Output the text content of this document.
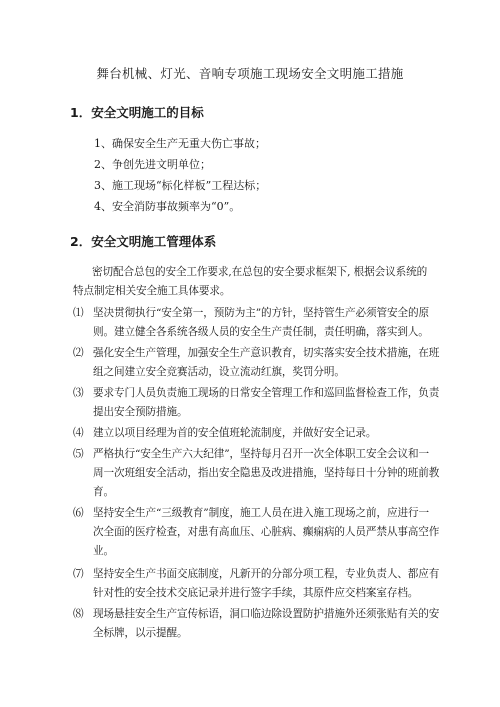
舞台机械、灯光、音响专项施工现场安全文明施工措施
1．安全文明施工的目标
1、确保安全生产无重大伤亡事故；
2、争创先进文明单位；
3、施工现场“标化样板”工程达标；
4、安全消防事故频率为“0”。
2．安全文明施工管理体系
密切配合总包的安全工作要求,在总包的安全要求框架下, 根据会议系统的
特点制定相关安全施工具体要求。
⑴ 坚决贯彻执行“安全第一，预防为主”的方针，坚持管生产必须管安全的原
则。建立健全各系统各级人员的安全生产责任制，责任明确，落实到人。
⑵ 强化安全生产管理，加强安全生产意识教育，切实落实安全技术措施，在班
组之间建立安全竞赛活动，设立流动红旗，奖罚分明。
⑶ 要求专门人员负责施工现场的日常安全管理工作和巡回监督检查工作，负责
提出安全预防措施。
⑷ 建立以项目经理为首的安全值班轮流制度，并做好安全记录。
⑸ 严格执行“安全生产六大纪律”，坚持每月召开一次全体职工安全会议和一
周一次班组安全活动，指出安全隐患及改进措施，坚持每日十分钟的班前教
育。
⑹ 坚持安全生产“三级教育”制度，施工人员在进入施工现场之前，应进行一
次全面的医疗检查，对患有高血压、心脏病、癫痫病的人员严禁从事高空作
业。
⑺ 坚持安全生产书面交底制度，凡新开的分部分项工程，专业负责人、都应有
针对性的安全技术交底记录并进行签字手续，其原件应交档案室存档。
⑻ 现场悬挂安全生产宣传标语，洞口临边除设置防护措施外还须张贴有关的安
全标牌，以示提醒。
